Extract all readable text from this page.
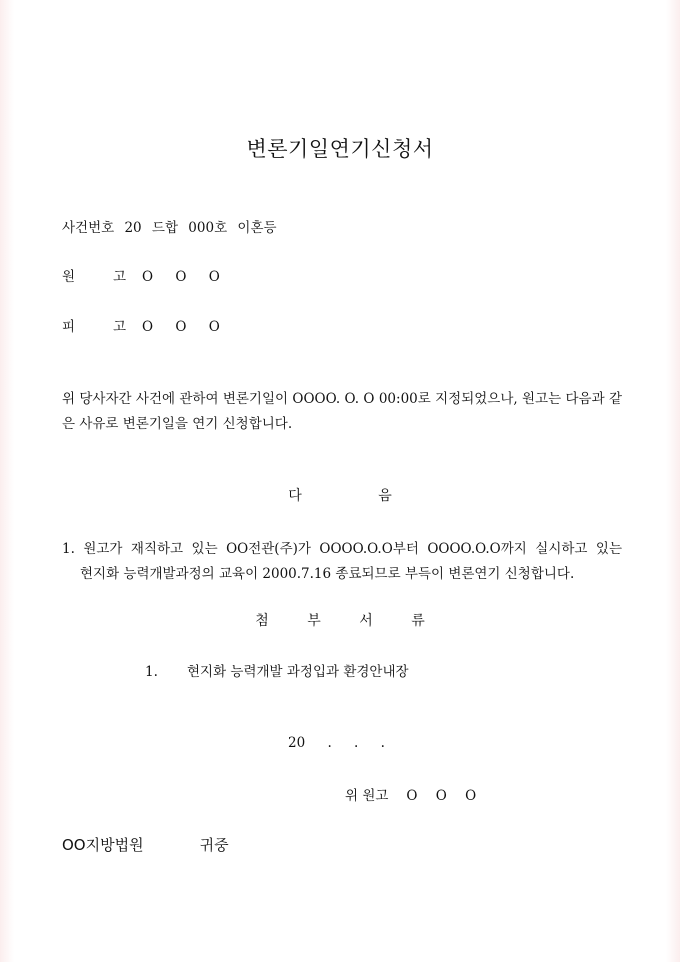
변론기일연기신청서
사건번호 20 드합 000호 이혼등
원고O O O
피고O O O
위 당사자간 사건에 관하여 변론기일이 OOOO. O. O 00:00로 지정되었으나, 원고는 다음과 같은 사유로 변론기일을 연기 신청합니다.
다 음
1. 원고가 재직하고 있는 OO전관(주)가 OOOO.O.O부터 OOOO.O.O까지 실시하고 있는
현지화 능력개발과정의 교육이 2000.7.16 종료되므로 부득이 변론연기 신청합니다.
첨 부 서 류
1. 현지화 능력개발 과정입과 환경안내장
20 . . .
위 원고 O O O
OO지방법원	귀중
